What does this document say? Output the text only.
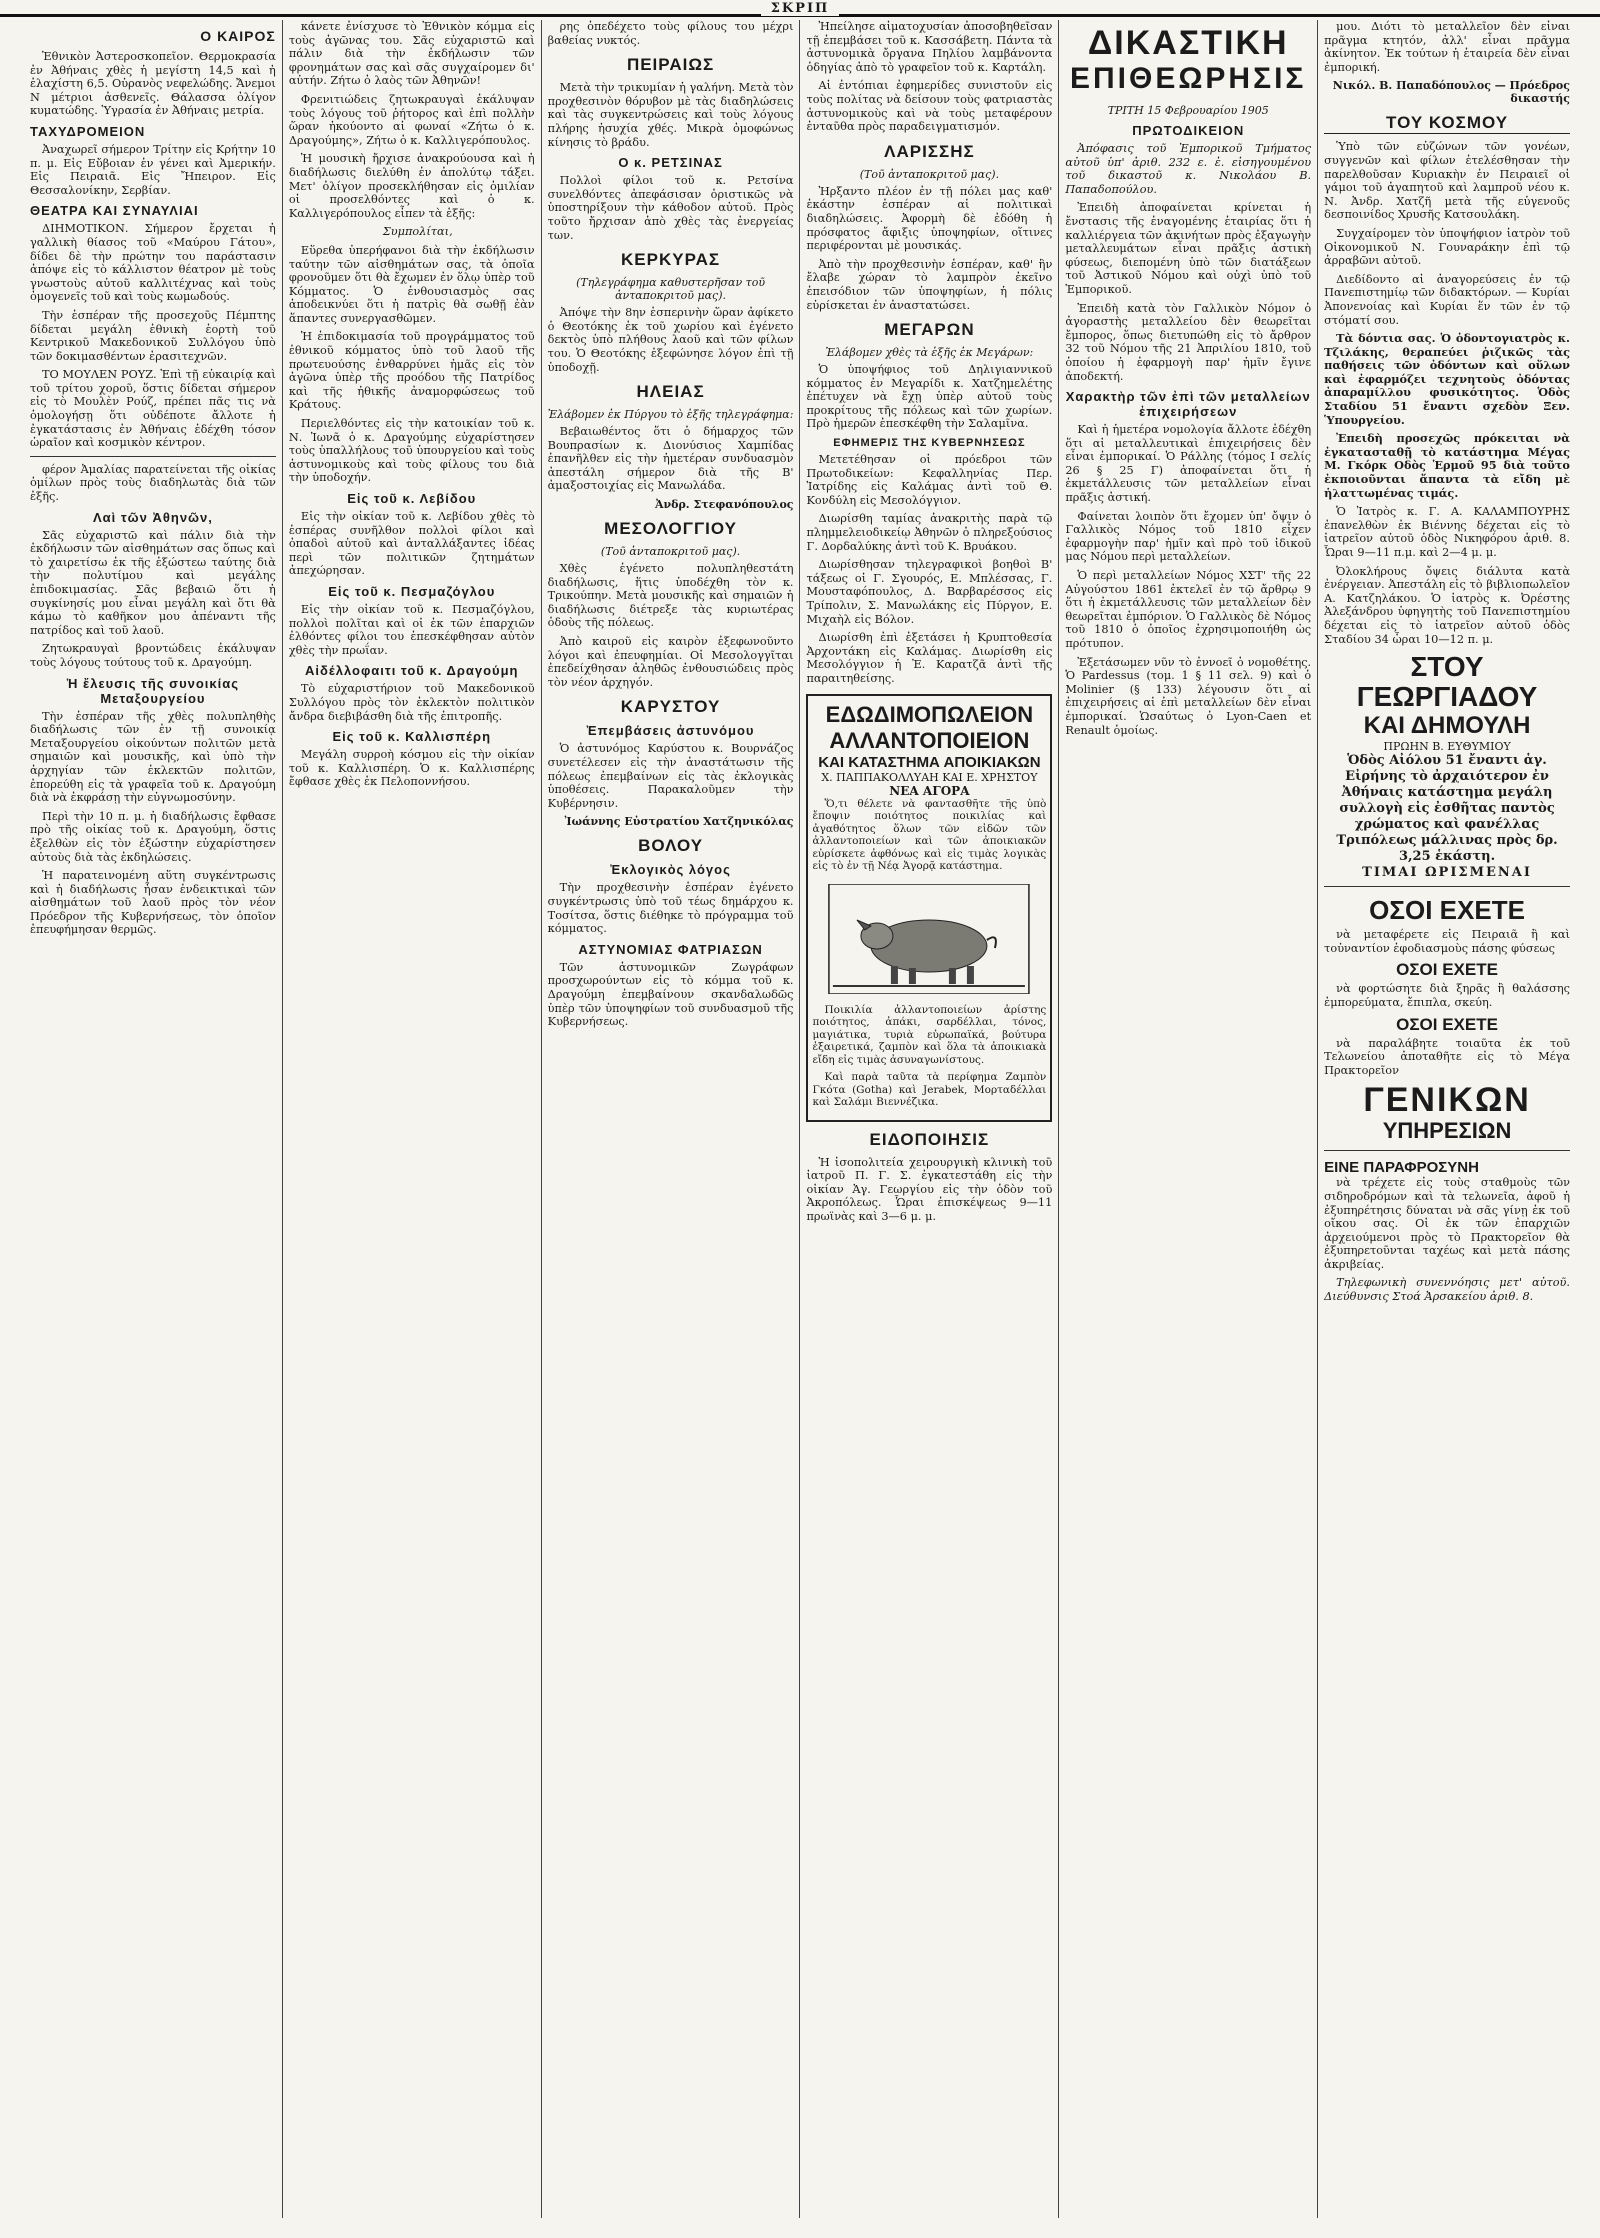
ΣΚΡΙΠ
Ο ΚΑΙΡΟΣ

Ἐθνικὸν Ἀστεροσκοπεῖον. Θερμοκρασία ἐν Ἀθήναις χθὲς ἡ μεγίστη 14,5 καὶ ἡ ἐλαχίστη 6,5. Οὐρανὸς νεφελώδης. Ἄνεμοι Ν μέτριοι ἀσθενεῖς. Θάλασσα ὀλίγον κυματώδης. Ὑγρασία ἐν Ἀθήναις μετρία.

ΤΑΧΥΔΡΟΜΕΙΟΝ

Ἀναχωρεῖ σήμερον Τρίτην εἰς Κρήτην 10 π. μ. Εἰς Εὔβοιαν ἐν γένει καὶ Ἀμερικήν. Εἰς Πειραιᾶ. Εἰς Ἤπειρον. Εἰς Θεσσαλονίκην, Σερβίαν.

ΘΕΑΤΡΑ ΚΑΙ ΣΥΝΑΥΛΙΑΙ

ΔΙΗΜΟΤΙΚΟΝ. Σήμερον ἔρχεται ἡ γαλλικὴ θίασος τοῦ «Μαύρου Γάτου», δίδει δὲ τὴν πρώτην του παράστασιν ἀπόψε εἰς τὸ κάλλιστον θέατρον μὲ τοὺς γνωστοὺς αὐτοῦ καλλιτέχνας καὶ τοὺς ὀμογενεῖς τοῦ καὶ τοὺς κωμωδούς.

Τὴν ἑσπέραν τῆς προσεχοῦς Πέμπτης δίδεται μεγάλη ἐθνικὴ ἑορτὴ τοῦ Κεντρικοῦ Μακεδονικοῦ Συλλόγου ὑπὸ τῶν δοκιμασθέντων ἐρασιτεχνῶν.

ΤΟ ΜΟΥΛΕΝ ΡΟΥΖ. Ἐπὶ τῇ εὐκαιρίᾳ καὶ τοῦ τρίτου χοροῦ, ὅστις δίδεται σήμερον εἰς τὸ Μουλὲν Ρούζ, πρέπει πᾶς τις νὰ ὁμολογήσῃ ὅτι οὐδέποτε ἄλλοτε ἡ ἐγκατάστασις ἐν Ἀθήναις ἐδέχθη τόσον ὡραῖον καὶ κοσμικὸν κέντρον.

φέρον Ἀμαλίας παρατείνεται τῆς οἰκίας ὁμίλων πρὸς τοὺς διαδηλωτὰς διὰ τῶν ἑξῆς.

Λαὶ τῶν Ἀθηνῶν,

Σᾶς εὐχαριστῶ καὶ πάλιν διὰ τὴν ἐκδήλωσιν τῶν αἰσθημάτων σας ὅπως καὶ τὸ χαιρετίσω ἐκ τῆς ἐξώστεω ταύτης διὰ τὴν πολυτίμου καὶ μεγάλης ἐπιδοκιμασίας. Σᾶς βεβαιῶ ὅτι ἡ συγκίνησίς μου εἶναι μεγάλη καὶ ὅτι θὰ κάμω τὸ καθῆκον μου ἀπέναντι τῆς πατρίδος καὶ τοῦ λαοῦ.

Ζητωκραυγαὶ βροντώδεις ἐκάλυψαν τοὺς λόγους τούτους τοῦ κ. Δραγούμη.

Ἡ ἔλευσις τῆς συνοικίας Μεταξουργείου

Τὴν ἑσπέραν τῆς χθὲς πολυπληθὴς διαδήλωσις τῶν ἐν τῇ συνοικίᾳ Μεταξουργείου οἰκούντων πολιτῶν μετὰ σημαιῶν καὶ μουσικῆς, καὶ ὑπὸ τὴν ἀρχηγίαν τῶν ἐκλεκτῶν πολιτῶν, ἐπορεύθη εἰς τὰ γραφεῖα τοῦ κ. Δραγούμη διὰ νὰ ἐκφράσῃ τὴν εὐγνωμοσύνην.

Περὶ τὴν 10 π. μ. ἡ διαδήλωσις ἔφθασε πρὸ τῆς οἰκίας τοῦ κ. Δραγούμη, ὅστις ἐξελθὼν εἰς τὸν ἐξώστην εὐχαρίστησεν αὐτοὺς διὰ τὰς ἐκδηλώσεις.

Ἡ παρατεινομένη αὕτη συγκέντρωσις καὶ ἡ διαδήλωσις ἦσαν ἐνδεικτικαὶ τῶν αἰσθημάτων τοῦ λαοῦ πρὸς τὸν νέον Πρόεδρον τῆς Κυβερνήσεως, τὸν ὁποῖον ἐπευφήμησαν θερμῶς.

κάνετε ἐνίσχυσε τὸ Ἐθνικὸν κόμμα εἰς τοὺς ἀγῶνας του. Σᾶς εὐχαριστῶ καὶ πάλιν διὰ τὴν ἐκδήλωσιν τῶν φρονημάτων σας καὶ σᾶς συγχαίρομεν δι' αὐτήν. Ζήτω ὁ λαὸς τῶν Ἀθηνῶν!

Φρενιτιώδεις ζητωκραυγαὶ ἐκάλυψαν τοὺς λόγους τοῦ ῥήτορος καὶ ἐπὶ πολλὴν ὥραν ἠκούοντο αἱ φωναί «Ζήτω ὁ κ. Δραγούμης», Ζήτω ὁ κ. Καλλιγερόπουλος.

Ἡ μουσικὴ ἤρχισε ἀνακρούουσα καὶ ἡ διαδήλωσις διελύθη ἐν ἀπολύτῳ τάξει. Μετ' ὀλίγον προσεκλήθησαν εἰς ὁμιλίαν οἱ προσελθόντες καὶ ὁ κ. Καλλιγερόπουλος εἶπεν τὰ ἑξῆς:

Συμπολίται,

Εὕρεθα ὑπερήφανοι διὰ τὴν ἐκδήλωσιν ταύτην τῶν αἰσθημάτων σας, τὰ ὁποῖα φρονοῦμεν ὅτι θὰ ἔχωμεν ἐν ὅλῳ ὑπὲρ τοῦ Κόμματος. Ὁ ἐνθουσιασμὸς σας ἀποδεικνύει ὅτι ἡ πατρὶς θὰ σωθῇ ἐὰν ἅπαντες συνεργασθῶμεν.

Ἡ ἐπιδοκιμασία τοῦ προγράμματος τοῦ ἐθνικοῦ κόμματος ὑπὸ τοῦ λαοῦ τῆς πρωτευούσης ἐνθαρρύνει ἡμᾶς εἰς τὸν ἀγῶνα ὑπὲρ τῆς προόδου τῆς Πατρίδος καὶ τῆς ἠθικῆς ἀναμορφώσεως τοῦ Κράτους.

Περιελθόντες εἰς τὴν κατοικίαν τοῦ κ. Ν. Ἰωνᾶ ὁ κ. Δραγούμης εὐχαρίστησεν τοὺς ὑπαλλήλους τοῦ ὑπουργείου καὶ τοὺς ἀστυνομικοὺς καὶ τοὺς φίλους του διὰ τὴν ὑποδοχήν.

Εἰς τοῦ κ. Λεβίδου

Εἰς τὴν οἰκίαν τοῦ κ. Λεβίδου χθὲς τὸ ἑσπέρας συνῆλθον πολλοὶ φίλοι καὶ ὀπαδοὶ αὐτοῦ καὶ ἀνταλλάξαντες ἰδέας περὶ τῶν πολιτικῶν ζητημάτων ἀπεχώρησαν.

Εἰς τοῦ κ. Πεσμαζόγλου

Εἰς τὴν οἰκίαν τοῦ κ. Πεσμαζόγλου, πολλοὶ πολῖται καὶ οἱ ἐκ τῶν ἐπαρχιῶν ἐλθόντες φίλοι του ἐπεσκέφθησαν αὐτὸν χθὲς τὴν πρωΐαν.

Αἰδέλλοφαιτι τοῦ κ. Δραγούμη

Τὸ εὐχαριστήριον τοῦ Μακεδονικοῦ Συλλόγου πρὸς τὸν ἐκλεκτὸν πολιτικὸν ἄνδρα διεβιβάσθη διὰ τῆς ἐπιτροπῆς.

Εἰς τοῦ κ. Καλλισπέρη

Μεγάλη συρροὴ κόσμου εἰς τὴν οἰκίαν τοῦ κ. Καλλισπέρη. Ὁ κ. Καλλισπέρης ἔφθασε χθὲς ἐκ Πελοποννήσου.

ρης ὁπεδέχετο τοὺς φίλους του μέχρι βαθείας νυκτός.

ΠΕΙΡΑΙΩΣ

Μετὰ τὴν τρικυμίαν ἡ γαλήνη. Μετὰ τὸν προχθεσινὸν θόρυβον μὲ τὰς διαδηλώσεις καὶ τὰς συγκεντρώσεις καὶ τοὺς λόγους πλήρης ἡσυχία χθές. Μικρὰ ὁμοφώνως κίνησις τὸ βράδυ.

Ο κ. ΡΕΤΣΙΝΑΣ

Πολλοὶ φίλοι τοῦ κ. Ρετσίνα συνελθόντες ἀπεφάσισαν ὁριστικῶς νὰ ὑποστηρίξουν τὴν κάθοδον αὐτοῦ. Πρὸς τοῦτο ἤρχισαν ἀπὸ χθὲς τὰς ἐνεργείας των.

ΚΕΡΚΥΡΑΣ
(Τηλεγράφημα καθυστερῆσαν τοῦ ἀνταποκριτοῦ μας).

Ἀπόψε τὴν 8ην ἑσπερινὴν ὥραν ἀφίκετο ὁ Θεοτόκης ἐκ τοῦ χωρίου καὶ ἐγένετο δεκτὸς ὑπὸ πλήθους λαοῦ καὶ τῶν φίλων του. Ὁ Θεοτόκης ἐξεφώνησε λόγον ἐπὶ τῇ ὑποδοχῇ.

ΗΛΕΙΑΣ
Ἐλάβομεν ἐκ Πύργου τὸ ἑξῆς τηλεγράφημα:

Βεβαιωθέντος ὅτι ὁ δήμαρχος τῶν Βουπρασίων κ. Διονύσιος Χαμπίδας ἐπανῆλθεν εἰς τὴν ἡμετέραν συνδυασμὸν ἀπεστάλη σήμερον διὰ τῆς Β' ἀμαξοστοιχίας εἰς Μανωλάδα.

Ἀνδρ. Στεφανόπουλος
ΜΕΣΟΛΟΓΓΙΟΥ
(Τοῦ ἀνταποκριτοῦ μας).

Χθὲς ἐγένετο πολυπληθεστάτη διαδήλωσις, ἥτις ὑποδέχθη τὸν κ. Τρικούπην. Μετὰ μουσικῆς καὶ σημαιῶν ἡ διαδήλωσις διέτρεξε τὰς κυριωτέρας ὁδοὺς τῆς πόλεως.

Ἀπὸ καιροῦ εἰς καιρὸν ἐξεφωνοῦντο λόγοι καὶ ἐπευφημίαι. Οἱ Μεσολογγῖται ἐπεδείχθησαν ἀληθῶς ἐνθουσιώδεις πρὸς τὸν νέον ἀρχηγόν.

ΚΑΡΥΣΤΟΥ
Ἐπεμβάσεις ἀστυνόμου

Ὁ ἀστυνόμος Καρύστου κ. Βουρνάζος συνετέλεσεν εἰς τὴν ἀναστάτωσιν τῆς πόλεως ἐπεμβαίνων εἰς τὰς ἐκλογικὰς ὑποθέσεις. Παρακαλοῦμεν τὴν Κυβέρνησιν.

Ἰωάννης Εὐστρατίου Χατζηνικόλας
ΒΟΛΟΥ
Ἐκλογικὸς λόγος

Τὴν προχθεσινὴν ἑσπέραν ἐγένετο συγκέντρωσις ὑπὸ τοῦ τέως δημάρχου κ. Τοσίτσα, ὅστις διέθηκε τὸ πρόγραμμα τοῦ κόμματος.

ΑΣΤΥΝΟΜΙΑΣ ΦΑΤΡΙΑΣΩΝ

Τῶν ἀστυνομικῶν Ζωγράφων προσχωρούντων εἰς τὸ κόμμα τοῦ κ. Δραγούμη ἐπεμβαίνουν σκανδαλωδῶς ὑπὲρ τῶν ὑποψηφίων τοῦ συνδυασμοῦ τῆς Κυβερνήσεως.

Ἠπείλησε αἱματοχυσίαν ἀποσοβηθεῖσαν τῇ ἐπεμβάσει τοῦ κ. Κασσάβετη. Πάντα τὰ ἀστυνομικὰ ὄργανα Πηλίου λαμβάνοντα ὁδηγίας ἀπὸ τὸ γραφεῖον τοῦ κ. Καρτάλη.

Αἱ ἐντόπιαι ἐφημερίδες συνιστοῦν εἰς τοὺς πολίτας νὰ δείσουν τοὺς φατριαστὰς ἀστυνομικοὺς καὶ νὰ τοὺς μεταφέρουν ἐνταῦθα πρὸς παραδειγματισμόν.

ΛΑΡΙΣΣΗΣ
(Τοῦ ἀνταποκριτοῦ μας).

Ἠρξαντο πλέον ἐν τῇ πόλει μας καθ' ἑκάστην ἑσπέραν αἱ πολιτικαὶ διαδηλώσεις. Ἀφορμὴ δὲ ἐδόθη ἡ πρόσφατος ἄφιξις ὑποψηφίων, οἵτινες περιφέρονται μὲ μουσικάς.

Ἀπὸ τὴν προχθεσινὴν ἑσπέραν, καθ' ἣν ἔλαβε χώραν τὸ λαμπρὸν ἐκεῖνο ἐπεισόδιον τῶν ὑποψηφίων, ἡ πόλις εὑρίσκεται ἐν ἀναστατώσει.

ΜΕΓΑΡΩΝ
Ἐλάβομεν χθὲς τὰ ἑξῆς ἐκ Μεγάρων:

Ὁ ὑποψήφιος τοῦ Δηλιγιαννικοῦ κόμματος ἐν Μεγαρίδι κ. Χατζημελέτης ἐπέτυχεν νὰ ἔχῃ ὑπὲρ αὐτοῦ τοὺς προκρίτους τῆς πόλεως καὶ τῶν χωρίων. Πρὸ ἡμερῶν ἐπεσκέφθη τὴν Σαλαμῖνα.

ΕΦΗΜΕΡΙΣ ΤΗΣ ΚΥΒΕΡΝΗΣΕΩΣ

Μετετέθησαν οἱ πρόεδροι τῶν Πρωτοδικείων: Κεφαλληνίας Περ. Ἰατρίδης εἰς Καλάμας ἀντὶ τοῦ Θ. Κονδύλη εἰς Μεσολόγγιον.

Διωρίσθη ταμίας ἀνακριτὴς παρὰ τῷ πλημμελειοδικείῳ Ἀθηνῶν ὁ πληρεξούσιος Γ. Δορδαλύκης ἀντὶ τοῦ Κ. Βρυάκου.

Διωρίσθησαν τηλεγραφικοὶ βοηθοὶ Β' τάξεως οἱ Γ. Σγουρός, Ε. Μπλέσσας, Γ. Μουσταφόπουλος, Δ. Βαρβαρέσσος εἰς Τρίπολιν, Σ. Μανωλάκης εἰς Πύργον, Ε. Μιχαὴλ εἰς Βόλον.

Διωρίσθη ἐπὶ ἐξετάσει ἡ Κρυπτοθεσία Ἀρχοντάκη εἰς Καλάμας. Διωρίσθη εἰς Μεσολόγγιον ἡ Ἐ. Καρατζᾶ ἀντὶ τῆς παραιτηθείσης.

ΕΔΩΔΙΜΟΠΩΛΕΙΟΝ
ΑΛΛΑΝΤΟΠΟΙΕΙΟΝ
ΚΑΙ ΚΑΤΑΣΤΗΜΑ ΑΠΟΙΚΙΑΚΩΝ
Χ. ΠΑΠΠΑΚΟΛΛΥΑΗ ΚΑΙ Ε. ΧΡΗΣΤΟΥ
ΝΕΑ ΑΓΟΡΑ

Ὅ,τι θέλετε νὰ φαντασθῆτε τῆς ὑπὸ ἔποψιν ποιότητος ποικιλίας καὶ ἀγαθότητος ὅλων τῶν εἰδῶν τῶν ἀλλαντοποιείων καὶ τῶν ἀποικιακῶν εὑρίσκετε ἀφθόνως καὶ εἰς τιμὰς λογικὰς εἰς τὸ ἐν τῇ Νέᾳ Ἀγορᾷ κατάστημα.

Ποικιλία ἀλλαντοποιείων ἀρίστης ποιότητος, ἀπάκι, σαρδέλλαι, τόνος, μαγιάτικα, τυριὰ εὐρωπαϊκά, βούτυρα ἐξαιρετικά, ζαμπὸν καὶ ὅλα τὰ ἀποικιακὰ εἴδη εἰς τιμὰς ἀσυναγωνίστους.

Καὶ παρὰ ταῦτα τὰ περίφημα Ζαμπὸν Γκότα (Gotha) καὶ Jerabek, Μορταδέλλαι καὶ Σαλάμι Βιεννέζικα.

ΕΙΔΟΠΟΙΗΣΙΣ

Ἡ ἰσοπολιτεία χειρουργικὴ κλινικὴ τοῦ ἰατροῦ Π. Γ. Σ. ἐγκατεστάθη εἰς τὴν οἰκίαν Ἁγ. Γεωργίου εἰς τὴν ὁδὸν τοῦ Ἀκροπόλεως. Ὧραι ἐπισκέψεως 9—11 πρωϊνὰς καὶ 3—6 μ. μ.

ΔΙΚΑΣΤΙΚΗ
ΕΠΙΘΕΩΡΗΣΙΣ
ΤΡΙΤΗ 15 Φεβρουαρίου 1905
ΠΡΩΤΟΔΙΚΕΙΟΝ

Ἀπόφασις τοῦ Ἐμπορικοῦ Τμήματος αὐτοῦ ὑπ' ἀριθ. 232 ε. ἐ. εἰσηγουμένου τοῦ δικαστοῦ κ. Νικολάου Β. Παπαδοπούλου.

Ἐπειδὴ ἀποφαίνεται κρίνεται ἡ ἔνστασις τῆς ἐναγομένης ἑταιρίας ὅτι ἡ καλλιέργεια τῶν ἀκινήτων πρὸς ἐξαγωγὴν μεταλλευμάτων εἶναι πρᾶξις ἀστικὴ φύσεως, διεπομένη ὑπὸ τῶν διατάξεων τοῦ Ἀστικοῦ Νόμου καὶ οὐχὶ ὑπὸ τοῦ Ἐμπορικοῦ.

Ἐπειδὴ κατὰ τὸν Γαλλικὸν Νόμον ὁ ἀγοραστὴς μεταλλείου δὲν θεωρεῖται ἔμπορος, ὅπως διετυπώθη εἰς τὸ ἄρθρον 32 τοῦ Νόμου τῆς 21 Ἀπριλίου 1810, τοῦ ὁποίου ἡ ἐφαρμογὴ παρ' ἡμῖν ἔγινε ἀποδεκτή.

Χαρακτὴρ τῶν ἐπὶ τῶν μεταλλείων ἐπιχειρήσεων

Καὶ ἡ ἡμετέρα νομολογία ἄλλοτε ἐδέχθη ὅτι αἱ μεταλλευτικαὶ ἐπιχειρήσεις δὲν εἶναι ἐμπορικαί. Ὁ Ράλλης (τόμος Ι σελίς 26 § 25 Γ) ἀποφαίνεται ὅτι ἡ ἐκμετάλλευσις τῶν μεταλλείων εἶναι πρᾶξις ἀστική.

Φαίνεται λοιπὸν ὅτι ἔχομεν ὑπ' ὄψιν ὁ Γαλλικὸς Νόμος τοῦ 1810 εἶχεν ἐφαρμογὴν παρ' ἡμῖν καὶ πρὸ τοῦ ἰδικοῦ μας Νόμου περὶ μεταλλείων.

Ὁ περὶ μεταλλείων Νόμος ΧΣΤ' τῆς 22 Αὐγούστου 1861 ἐκτελεῖ ἐν τῷ ἄρθρῳ 9 ὅτι ἡ ἐκμετάλλευσις τῶν μεταλλείων δὲν θεωρεῖται ἐμπόριον. Ὁ Γαλλικὸς δὲ Νόμος τοῦ 1810 ὁ ὁποῖος ἐχρησιμοποιήθη ὡς πρότυπον.

Ἐξετάσωμεν νῦν τὸ ἐννοεῖ ὁ νομοθέτης. Ὁ Pardessus (τομ. 1 § 11 σελ. 9) καὶ ὁ Molinier (§ 133) λέγουσιν ὅτι αἱ ἐπιχειρήσεις αἱ ἐπὶ μεταλλείων δὲν εἶναι ἐμπορικαί. Ὡσαύτως ὁ Lyon-Caen et Renault ὁμοίως.

μου. Διότι τὸ μεταλλεῖον δὲν εἶναι πρᾶγμα κτητόν, ἀλλ' εἶναι πρᾶγμα ἀκίνητον. Ἐκ τούτων ἡ ἑταιρεία δὲν εἶναι ἐμπορική.

Νικόλ. Β. Παπαδόπουλος — Πρόεδρος δικαστής
ΤΟΥ ΚΟΣΜΟΥ

Ὑπὸ τῶν εὐζώνων τῶν γονέων, συγγενῶν καὶ φίλων ἐτελέσθησαν τὴν παρελθοῦσαν Κυριακὴν ἐν Πειραιεῖ οἱ γάμοι τοῦ ἀγαπητοῦ καὶ λαμπροῦ νέου κ. Ν. Ἀνδρ. Χατζῆ μετὰ τῆς εὐγενοῦς δεσποινίδος Χρυσῆς Κατσουλάκη.

Συγχαίρομεν τὸν ὑποψήφιον ἰατρὸν τοῦ Οἰκονομικοῦ Ν. Γουναράκην ἐπὶ τῷ ἀρραβῶνι αὐτοῦ.

Διεδίδοντο αἱ ἀναγορεύσεις ἐν τῷ Πανεπιστημίῳ τῶν διδακτόρων. — Κυρίαι Ἀπονενοίας καὶ Κυρίαι ἕν τῶν ἐν τῷ στόματί σου.

Τὰ δόντια σας. Ὁ ὀδοντογιατρὸς κ. Τζιλάκης, θεραπεύει ῥιζικῶς τὰς παθήσεις τῶν ὀδόντων καὶ οὕλων καὶ ἐφαρμόζει τεχνητοὺς ὀδόντας ἀπαραμίλλου φυσικότητος. Ὁδὸς Σταδίου 51 ἔναντι σχεδὸν Ξεν. Ὑπουργείου.

Ἐπειδὴ προσεχῶς πρόκειται νὰ ἐγκατασταθῇ τὸ κατάστημα Μέγας Μ. Γκόρκ Οδὸς Ἑρμοῦ 95 διὰ τοῦτο ἐκποιοῦνται ἅπαντα τὰ εἴδη μὲ ἡλαττωμένας τιμάς.

Ὁ Ἰατρὸς κ. Γ. Α. ΚΑΛΑΜΠΟΥΡΗΣ ἐπανελθὼν ἐκ Βιέννης δέχεται εἰς τὸ ἰατρεῖον αὐτοῦ ὁδὸς Νικηφόρου ἀριθ. 8. Ὧραι 9—11 π.μ. καὶ 2—4 μ. μ.

Ὀλοκλήρους ὄψεις διάλυτα κατὰ ἐνέργειαν. Ἀπεστάλη εἰς τὸ βιβλιοπωλεῖον Α. Κατζηλάκου. Ὁ ἰατρὸς κ. Ὀρέστης Ἀλεξάνδρου ὑφηγητὴς τοῦ Πανεπιστημίου δέχεται εἰς τὸ ἰατρεῖον αὐτοῦ ὁδὸς Σταδίου 34 ὧραι 10—12 π. μ.

ΣΤΟΥ ΓΕΩΡΓΙΑΔΟΥ
ΚΑΙ ΔΗΜΟΥΛΗ
ΠΡΩΗΝ Β. ΕΥΘΥΜΙΟΥ
Ὁδὸς Αἰόλου 51 ἔναντι ἁγ. Εἰρήνης τὸ ἀρχαιότερον ἐν Ἀθήναις κατάστημα μεγάλη συλλογὴ εἰς ἐσθῆτας παντὸς χρώματος καὶ φανέλλας Τριπόλεως μάλλινας πρὸς δρ. 3,25 ἑκάστη.
ΤΙΜΑΙ ΩΡΙΣΜΕΝΑΙ
ΟΣΟΙ ΕΧΕΤΕ

νὰ μεταφέρετε εἰς Πειραιᾶ ἢ καὶ τοὐναντίον ἐφοδιασμοὺς πάσης φύσεως

ΟΣΟΙ ΕΧΕΤΕ

νὰ φορτώσητε διὰ ξηρᾶς ἢ θαλάσσης ἐμπορεύματα, ἔπιπλα, σκεύη.

ΟΣΟΙ ΕΧΕΤΕ

νὰ παραλάβητε τοιαῦτα ἐκ τοῦ Τελωνείου ἀποταθῆτε εἰς τὸ Μέγα Πρακτορεῖον

ΓΕΝΙΚΩΝ ΥΠΗΡΕΣΙΩΝ
ΕΙΝΕ ΠΑΡΑΦΡΟΣΥΝΗ

νὰ τρέχετε εἰς τοὺς σταθμοὺς τῶν σιδηροδρόμων καὶ τὰ τελωνεῖα, ἀφοῦ ἡ ἐξυπηρέτησις δύναται νὰ σᾶς γίνῃ ἐκ τοῦ οἴκου σας. Οἱ ἐκ τῶν ἐπαρχιῶν ἀρχειούμενοι πρὸς τὸ Πρακτορεῖον θὰ ἐξυπηρετοῦνται ταχέως καὶ μετὰ πάσης ἀκριβείας.

Τηλεφωνικὴ συνεννόησις μετ' αὐτοῦ. Διεύθυνσις Στοά Ἀρσακείου ἀριθ. 8.
